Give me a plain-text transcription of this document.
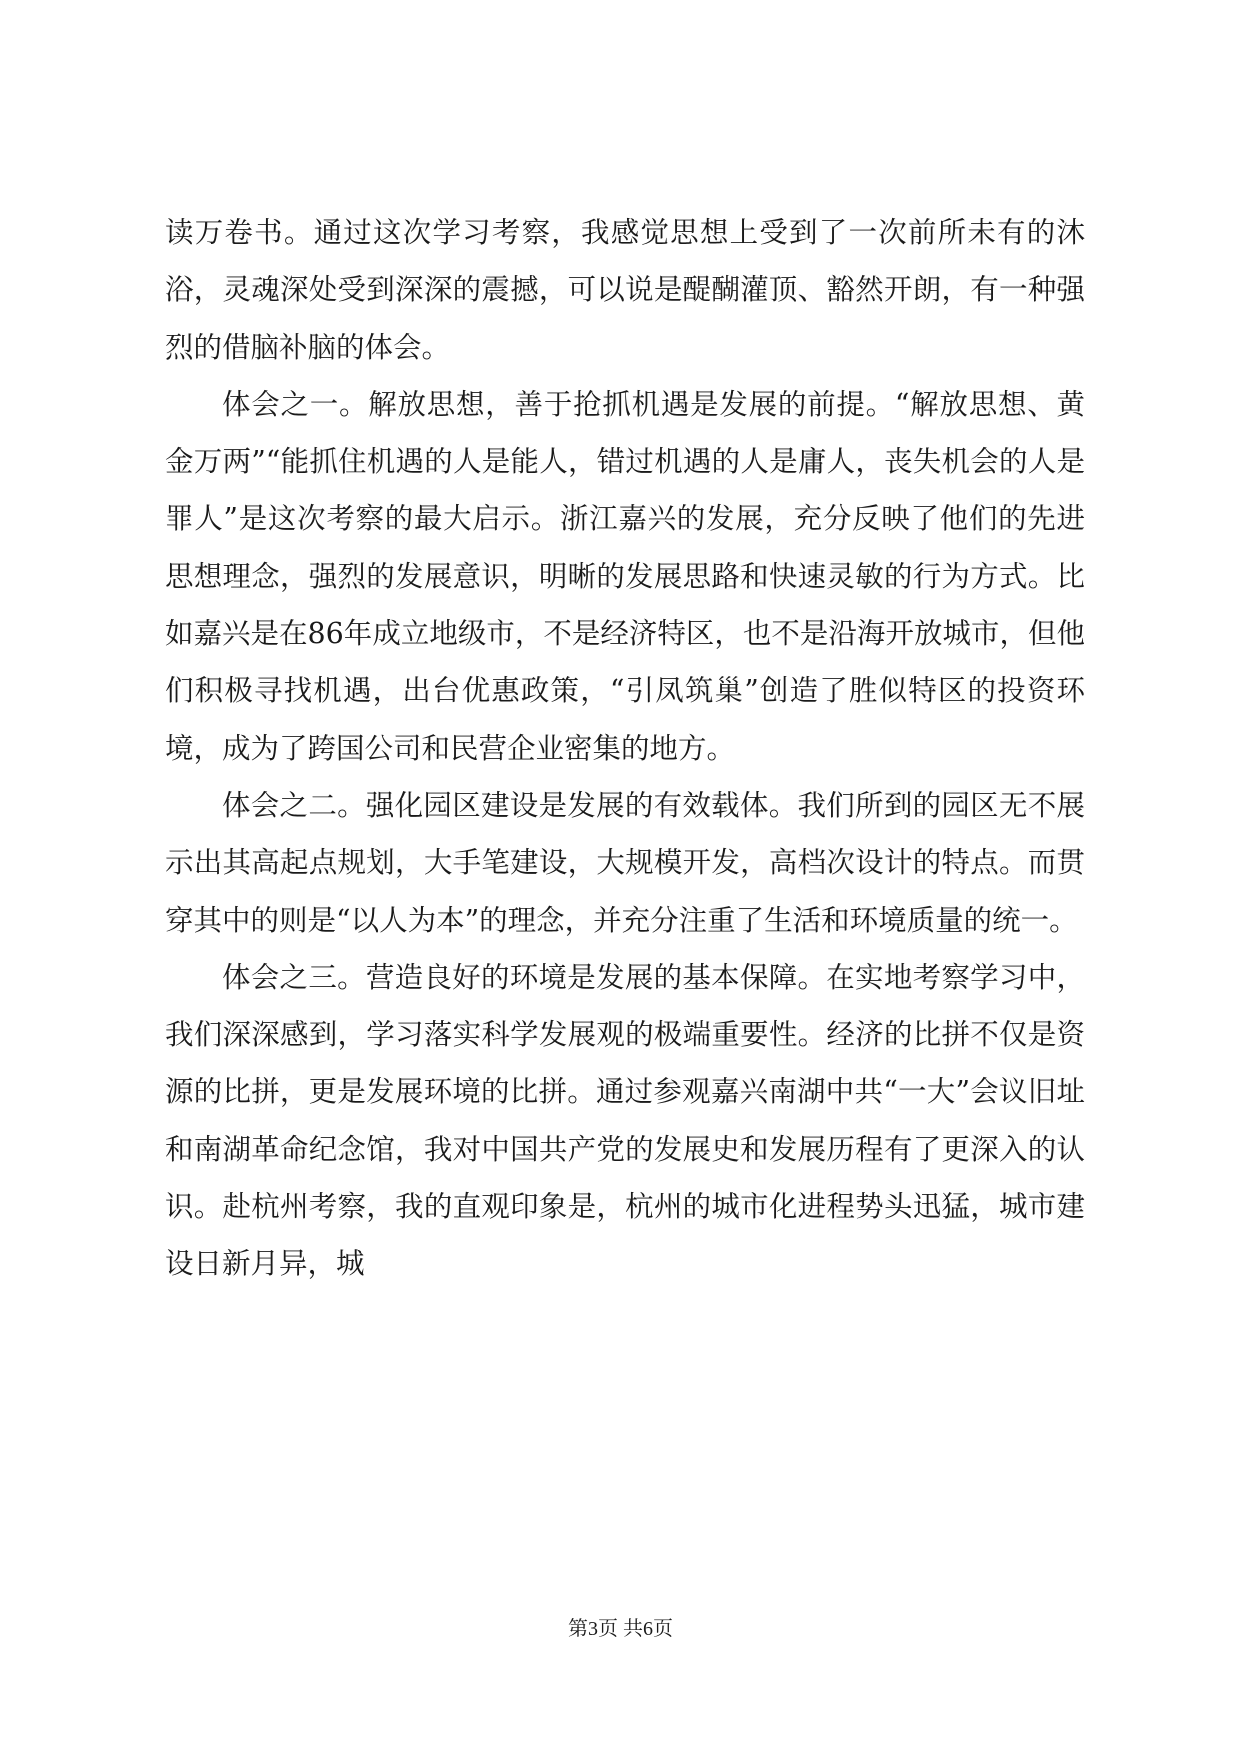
读万卷书。通过这次学习考察，我感觉思想上受到了一次前所未有的沐浴，灵魂深处受到深深的震撼，可以说是醍醐灌顶、豁然开朗，有一种强烈的借脑补脑的体会。

体会之一。解放思想，善于抢抓机遇是发展的前提。“解放思想、黄金万两”“能抓住机遇的人是能人，错过机遇的人是庸人，丧失机会的人是罪人”是这次考察的最大启示。浙江嘉兴的发展，充分反映了他们的先进思想理念，强烈的发展意识，明晰的发展思路和快速灵敏的行为方式。比如嘉兴是在86年成立地级市，不是经济特区，也不是沿海开放城市，但他们积极寻找机遇，出台优惠政策，“引凤筑巢”创造了胜似特区的投资环境，成为了跨国公司和民营企业密集的地方。

体会之二。强化园区建设是发展的有效载体。我们所到的园区无不展示出其高起点规划，大手笔建设，大规模开发，高档次设计的特点。而贯穿其中的则是“以人为本”的理念，并充分注重了生活和环境质量的统一。

体会之三。营造良好的环境是发展的基本保障。在实地考察学习中，我们深深感到，学习落实科学发展观的极端重要性。经济的比拼不仅是资源的比拼，更是发展环境的比拼。通过参观嘉兴南湖中共“一大”会议旧址和南湖革命纪念馆，我对中国共产党的发展史和发展历程有了更深入的认识。赴杭州考察，我的直观印象是，杭州的城市化进程势头迅猛，城市建设日新月异，城

第3页 共6页
